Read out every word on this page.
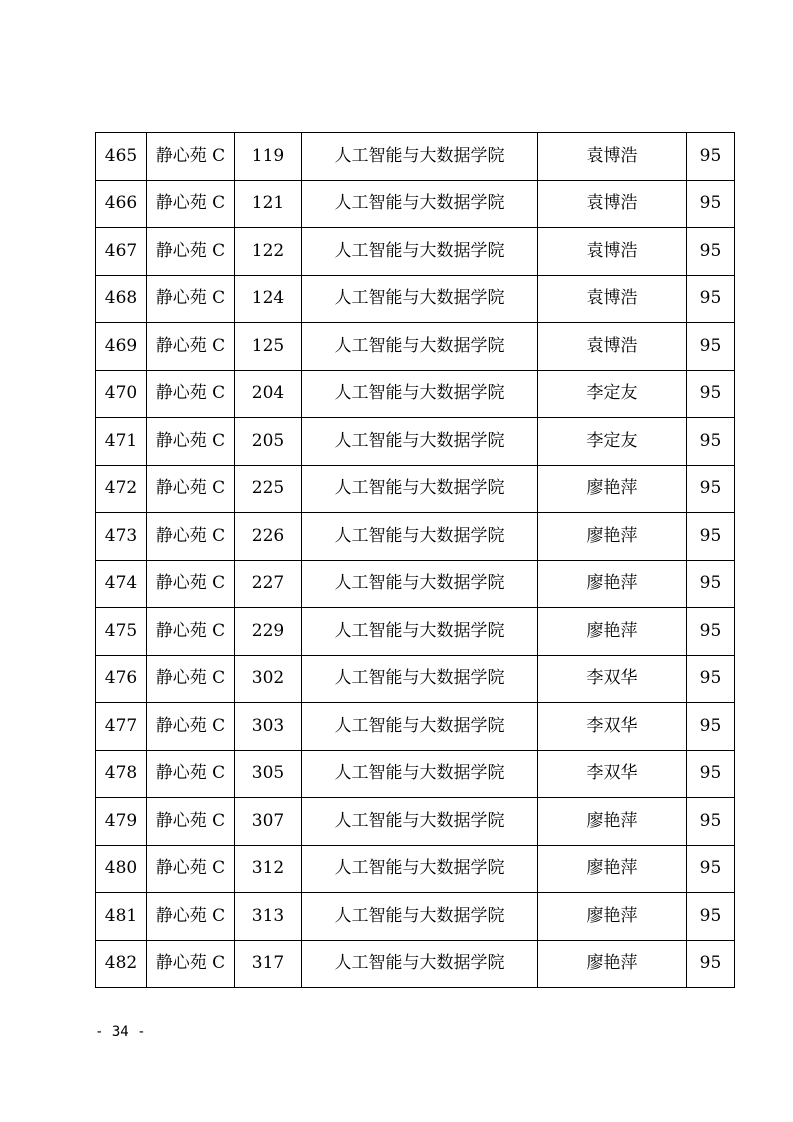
465	静心苑 C	119	人工智能与大数据学院	袁博浩	95
466	静心苑 C	121	人工智能与大数据学院	袁博浩	95
467	静心苑 C	122	人工智能与大数据学院	袁博浩	95
468	静心苑 C	124	人工智能与大数据学院	袁博浩	95
469	静心苑 C	125	人工智能与大数据学院	袁博浩	95
470	静心苑 C	204	人工智能与大数据学院	李定友	95
471	静心苑 C	205	人工智能与大数据学院	李定友	95
472	静心苑 C	225	人工智能与大数据学院	廖艳萍	95
473	静心苑 C	226	人工智能与大数据学院	廖艳萍	95
474	静心苑 C	227	人工智能与大数据学院	廖艳萍	95
475	静心苑 C	229	人工智能与大数据学院	廖艳萍	95
476	静心苑 C	302	人工智能与大数据学院	李双华	95
477	静心苑 C	303	人工智能与大数据学院	李双华	95
478	静心苑 C	305	人工智能与大数据学院	李双华	95
479	静心苑 C	307	人工智能与大数据学院	廖艳萍	95
480	静心苑 C	312	人工智能与大数据学院	廖艳萍	95
481	静心苑 C	313	人工智能与大数据学院	廖艳萍	95
482	静心苑 C	317	人工智能与大数据学院	廖艳萍	95
- 34 -
